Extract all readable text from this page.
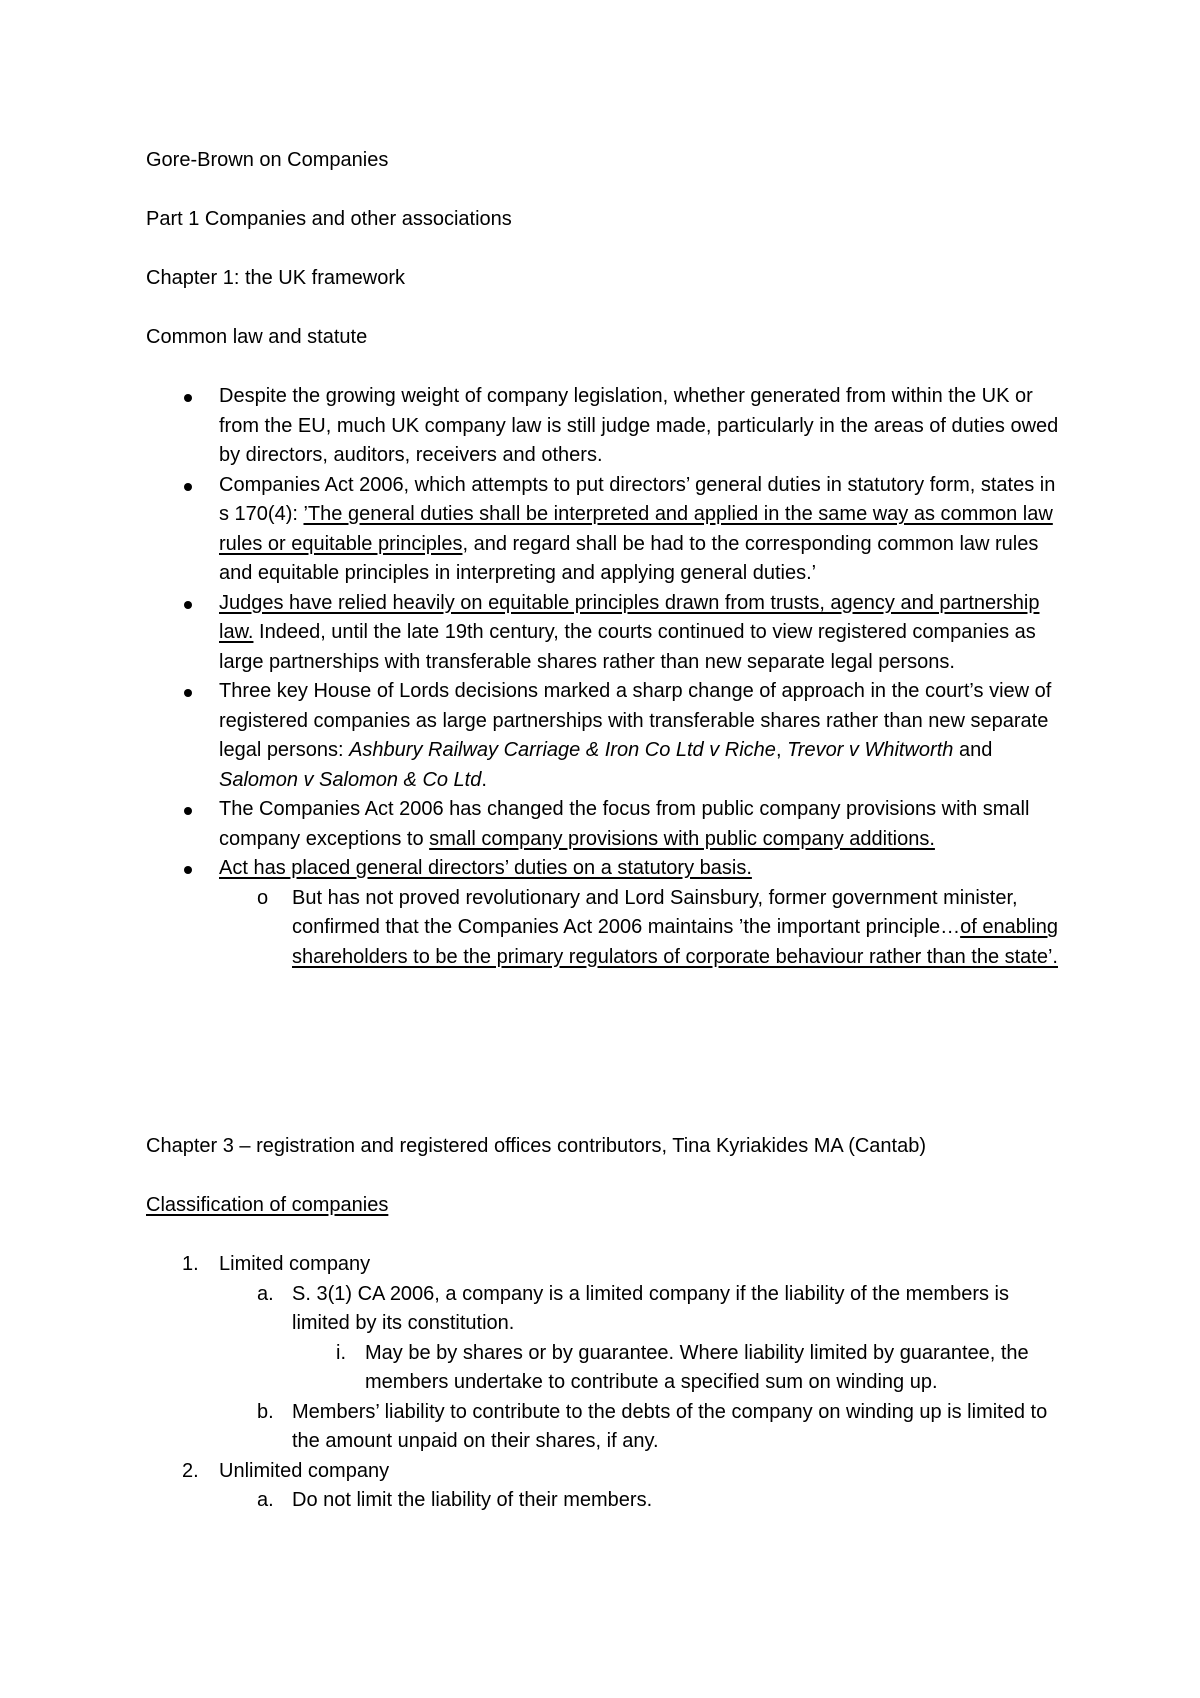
Gore-Brown on Companies
Part 1 Companies and other associations
Chapter 1: the UK framework
Common law and statute
Despite the growing weight of company legislation, whether generated from within the UK or from the EU, much UK company law is still judge made, particularly in the areas of duties owed by directors, auditors, receivers and others.
Companies Act 2006, which attempts to put directors’ general duties in statutory form, states in s 170(4): ’The general duties shall be interpreted and applied in the same way as common law rules or equitable principles, and regard shall be had to the corresponding common law rules and equitable principles in interpreting and applying general duties.’
Judges have relied heavily on equitable principles drawn from trusts, agency and partnership law. Indeed, until the late 19th century, the courts continued to view registered companies as large partnerships with transferable shares rather than new separate legal persons.
Three key House of Lords decisions marked a sharp change of approach in the court’s view of registered companies as large partnerships with transferable shares rather than new separate legal persons: Ashbury Railway Carriage & Iron Co Ltd v Riche, Trevor v Whitworth and Salomon v Salomon & Co Ltd.
The Companies Act 2006 has changed the focus from public company provisions with small company exceptions to small company provisions with public company additions.
Act has placed general directors’ duties on a statutory basis.
o But has not proved revolutionary and Lord Sainsbury, former government minister, confirmed that the Companies Act 2006 maintains ’the important principle…of enabling shareholders to be the primary regulators of corporate behaviour rather than the state’.
Chapter 3 – registration and registered offices contributors, Tina Kyriakides MA (Cantab)
Classification of companies
1. Limited company
a. S. 3(1) CA 2006, a company is a limited company if the liability of the members is limited by its constitution.
i. May be by shares or by guarantee. Where liability limited by guarantee, the members undertake to contribute a specified sum on winding up.
b. Members’ liability to contribute to the debts of the company on winding up is limited to the amount unpaid on their shares, if any.
2. Unlimited company
a. Do not limit the liability of their members.
